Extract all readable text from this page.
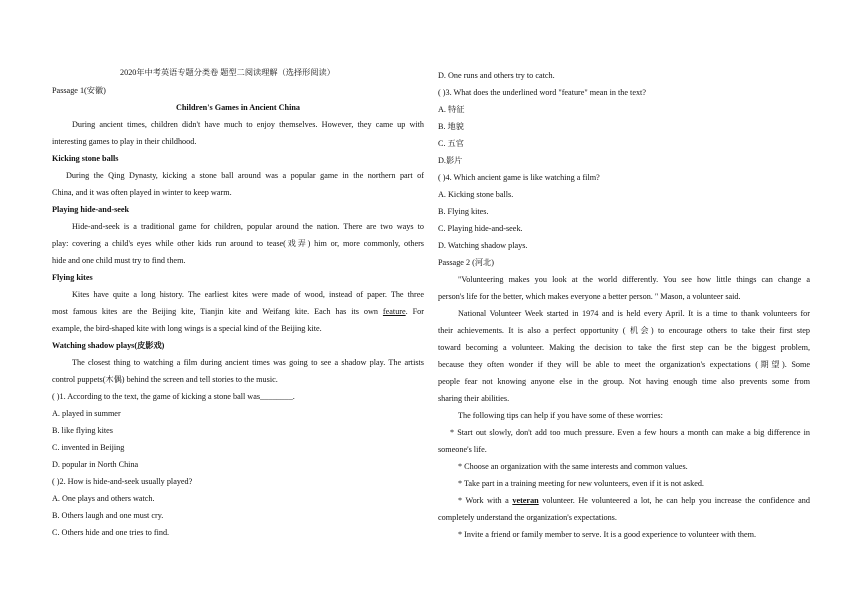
2020年中考英语专题分类卷 题型二阅读理解（选择形阅读）

Passage 1(安徽)

Children's Games in Ancient China

During ancient times, children didn't have much to enjoy themselves. However, they came up with

interesting games to play in their childhood.

Kicking stone balls

During the Qing Dynasty, kicking a stone ball around was a popular game in the northern part of

China, and it was often played in winter to keep warm.

Playing hide-and-seek

Hide-and-seek is a traditional game for children, popular around the nation. There are two ways to

play: covering a child's eyes while other kids run around to tease(戏弄) him or, more commonly, others

hide and one child must try to find them.

Flying kites

Kites have quite a long history. The earliest kites were made of wood, instead of paper. The three

most famous kites are the Beijing kite, Tianjin kite and Weifang kite. Each has its own feature. For

example, the bird-shaped kite with long wings is a special kind of the Beijing kite.

Watching shadow plays(皮影戏)

The closest thing to watching a film during ancient times was going to see a shadow play. The artists

control puppets(木偶) behind the screen and tell stories to the music.

( )1. According to the text, the game of kicking a stone ball was________.

A. played in summer

B. like flying kites

C. invented in Beijing

D. popular in North China

( )2. How is hide-and-seek usually played?

A. One plays and others watch.

B. Others laugh and one must cry.

C. Others hide and one tries to find.

D. One runs and others try to catch.

( )3. What does the underlined word "feature" mean in the text?

A. 特征

B. 地貌

C. 五官

D.影片

( )4. Which ancient game is like watching a film?

A. Kicking stone balls.

B. Flying kites.

C. Playing hide-and-seek.

D. Watching shadow plays.

Passage 2 (河北)

"Volunteering makes you look at the world differently. You see how little things can change a

person's life for the better, which makes everyone a better person. " Mason, a volunteer said.

National Volunteer Week started in 1974 and is held every April. It is a time to thank volunteers for

their achievements. It is also a perfect opportunity ( 机会) to encourage others to take their first step

toward becoming a volunteer. Making the decision to take the first step can be the biggest problem,

because they often wonder if they will be able to meet the organization's expectations (期望). Some

people fear not knowing anyone else in the group. Not having enough time also prevents some from

sharing their abilities.

The following tips can help if you have some of these worries:

* Start out slowly, don't add too much pressure. Even a few hours a month can make a big difference in

someone's life.

* Choose an organization with the same interests and common values.

* Take part in a training meeting for new volunteers, even if it is not asked.

* Work with a veteran volunteer. He volunteered a lot, he can help you increase the confidence and

completely understand the organization's expectations.

* Invite a friend or family member to serve. It is a good experience to volunteer with them.
